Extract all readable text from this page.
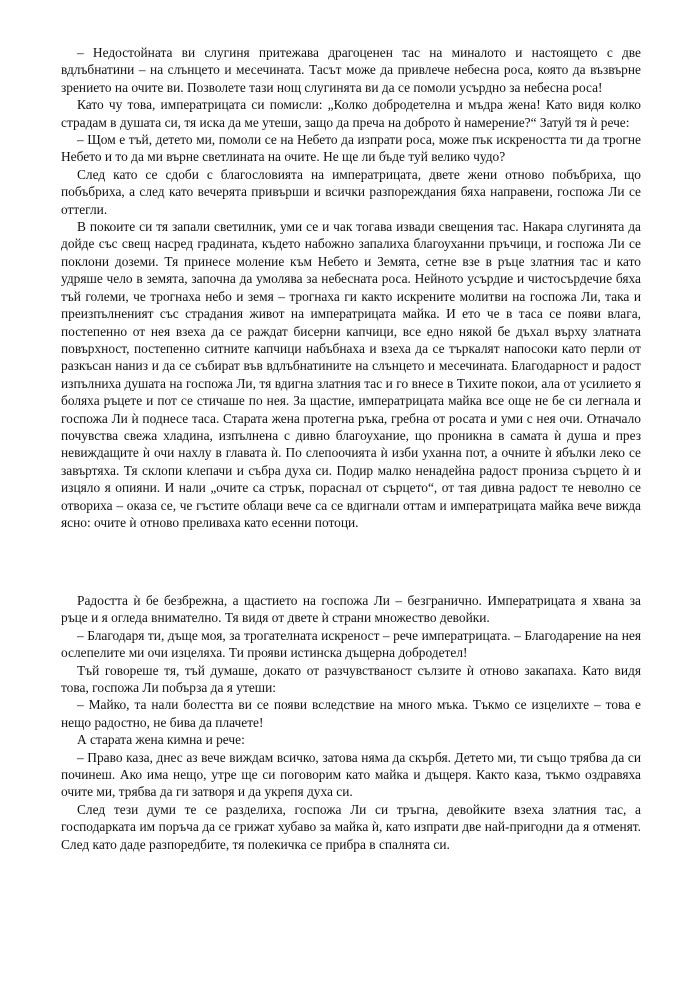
– Недостойната ви слугиня притежава драгоценен тас на миналото и настоящето с две вдлъбнатини – на слънцето и месечината. Тасът може да привлече небесна роса, която да възвърне зрението на очите ви. Позволете тази нощ слугинята ви да се помоли усърдно за небесна роса!

Като чу това, императрицата си помисли: „Колко добродетелна и мъдра жена! Като видя колко страдам в душата си, тя иска да ме утеши, защо да преча на доброто ѝ намерение?“ Затуй тя ѝ рече:

– Щом е тъй, детето ми, помоли се на Небето да изпрати роса, може пък искреността ти да трогне Небето и то да ми върне светлината на очите. Не ще ли бъде туй велико чудо?

След като се сдоби с благословията на императрицата, двете жени отново побъбриха, що побъбриха, а след като вечерята привърши и всички разпореждания бяха направени, госпожа Ли се оттегли.

В покоите си тя запали светилник, уми се и чак тогава извади свещения тас. Накара слугинята да дойде със свещ насред градината, където набожно запалиха благоуханни пръчици, и госпожа Ли се поклони доземи. Тя принесе моление към Небето и Земята, сетне взе в ръце златния тас и като удряше чело в земята, започна да умолява за небесната роса. Нейното усърдие и чистосърдечие бяха тъй големи, че трогнаха небо и земя – трогнаха ги както искрените молитви на госпожа Ли, така и преизпълненият със страдания живот на императрицата майка. И ето че в таса се появи влага, постепенно от нея взеха да се раждат бисерни капчици, все едно някой бе дъхал върху златната повърхност, постепенно ситните капчици набъбнаха и взеха да се търкалят напосоки като перли от разкъсан наниз и да се събират във вдлъбнатините на слънцето и месечината. Благодарност и радост изпълниха душата на госпожа Ли, тя вдигна златния тас и го внесе в Тихите покои, ала от усилието я боляха ръцете и пот се стичаше по нея. За щастие, императрицата майка все още не бе си легнала и госпожа Ли ѝ поднесе таса. Старата жена протегна ръка, гребна от росата и уми с нея очи. Отначало почувства свежа хладина, изпълнена с дивно благоухание, що проникна в самата ѝ душа и през невиждащите ѝ очи нахлу в главата ѝ. По слепоочията ѝ изби уханна пот, а очните ѝ ябълки леко се завъртяха. Тя склопи клепачи и събра духа си. Подир малко ненадейна радост прониза сърцето ѝ и изцяло я опияни. И нали „очите са стрък, пораснал от сърцето“, от тая дивна радост те неволно се отвориха – оказа се, че гъстите облаци вече са се вдигнали оттам и императрицата майка вече вижда ясно: очите ѝ отново преливаха като есенни потоци.

Радостта ѝ бе безбрежна, а щастието на госпожа Ли – безгранично. Императрицата я хвана за ръце и я огледа внимателно. Тя видя от двете ѝ страни множество девойки.

– Благодаря ти, дъще моя, за трогателната искреност – рече императрицата. – Благодарение на нея ослепелите ми очи изцеляха. Ти прояви истинска дъщерна добродетел!

Тъй говореше тя, тъй думаше, докато от разчувстваност сълзите ѝ отново закапаха. Като видя това, госпожа Ли побърза да я утеши:

– Майко, та нали болестта ви се появи вследствие на много мъка. Тъкмо се изцелихте – това е нещо радостно, не бива да плачете!

А старата жена кимна и рече:

– Право каза, днес аз вече виждам всичко, затова няма да скърбя. Детето ми, ти също трябва да си починеш. Ако има нещо, утре ще си поговорим като майка и дъщеря. Както каза, тъкмо оздравяха очите ми, трябва да ги затворя и да укрепя духа си.

След тези думи те се разделиха, госпожа Ли си тръгна, девойките взеха златния тас, а господарката им поръча да се грижат хубаво за майка ѝ, като изпрати две най-пригодни да я отменят. След като даде разпоредбите, тя полекичка се прибра в спалнята си.
